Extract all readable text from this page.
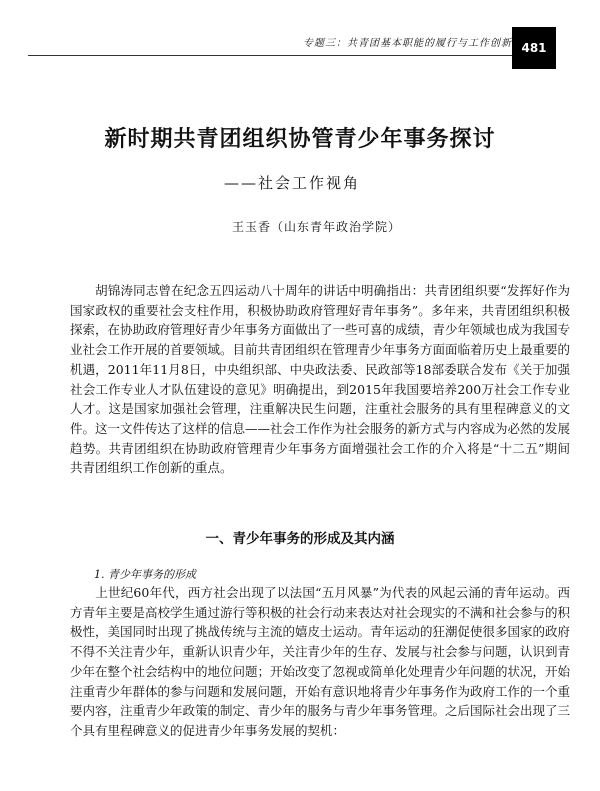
专题三：共青团基本职能的履行与工作创新 481
新时期共青团组织协管青少年事务探讨
——社会工作视角
王玉香（山东青年政治学院）

胡锦涛同志曾在纪念五四运动八十周年的讲话中明确指出：共青团组织要“发挥好作为国家政权的重要社会支柱作用，积极协助政府管理好青年事务”。多年来，共青团组织积极探索，在协助政府管理好青少年事务方面做出了一些可喜的成绩，青少年领域也成为我国专业社会工作开展的首要领域。目前共青团组织在管理青少年事务方面面临着历史上最重要的机遇，2011年11月8日，中央组织部、中央政法委、民政部等18部委联合发布《关于加强社会工作专业人才队伍建设的意见》明确提出，到2015年我国要培养200万社会工作专业人才。这是国家加强社会管理，注重解决民生问题，注重社会服务的具有里程碑意义的文件。这一文件传达了这样的信息——社会工作作为社会服务的新方式与内容成为必然的发展趋势。共青团组织在协助政府管理青少年事务方面增强社会工作的介入将是“十二五”期间共青团组织工作创新的重点。

一、青少年事务的形成及其内涵
1. 青少年事务的形成

上世纪60年代，西方社会出现了以法国“五月风暴”为代表的风起云涌的青年运动。西方青年主要是高校学生通过游行等积极的社会行动来表达对社会现实的不满和社会参与的积极性，美国同时出现了挑战传统与主流的嬉皮士运动。青年运动的狂潮促使很多国家的政府不得不关注青少年，重新认识青少年，关注青少年的生存、发展与社会参与问题，认识到青少年在整个社会结构中的地位问题；开始改变了忽视或简单化处理青少年问题的状况，开始注重青少年群体的参与问题和发展问题，开始有意识地将青少年事务作为政府工作的一个重要内容，注重青少年政策的制定、青少年的服务与青少年事务管理。之后国际社会出现了三个具有里程碑意义的促进青少年事务发展的契机：
